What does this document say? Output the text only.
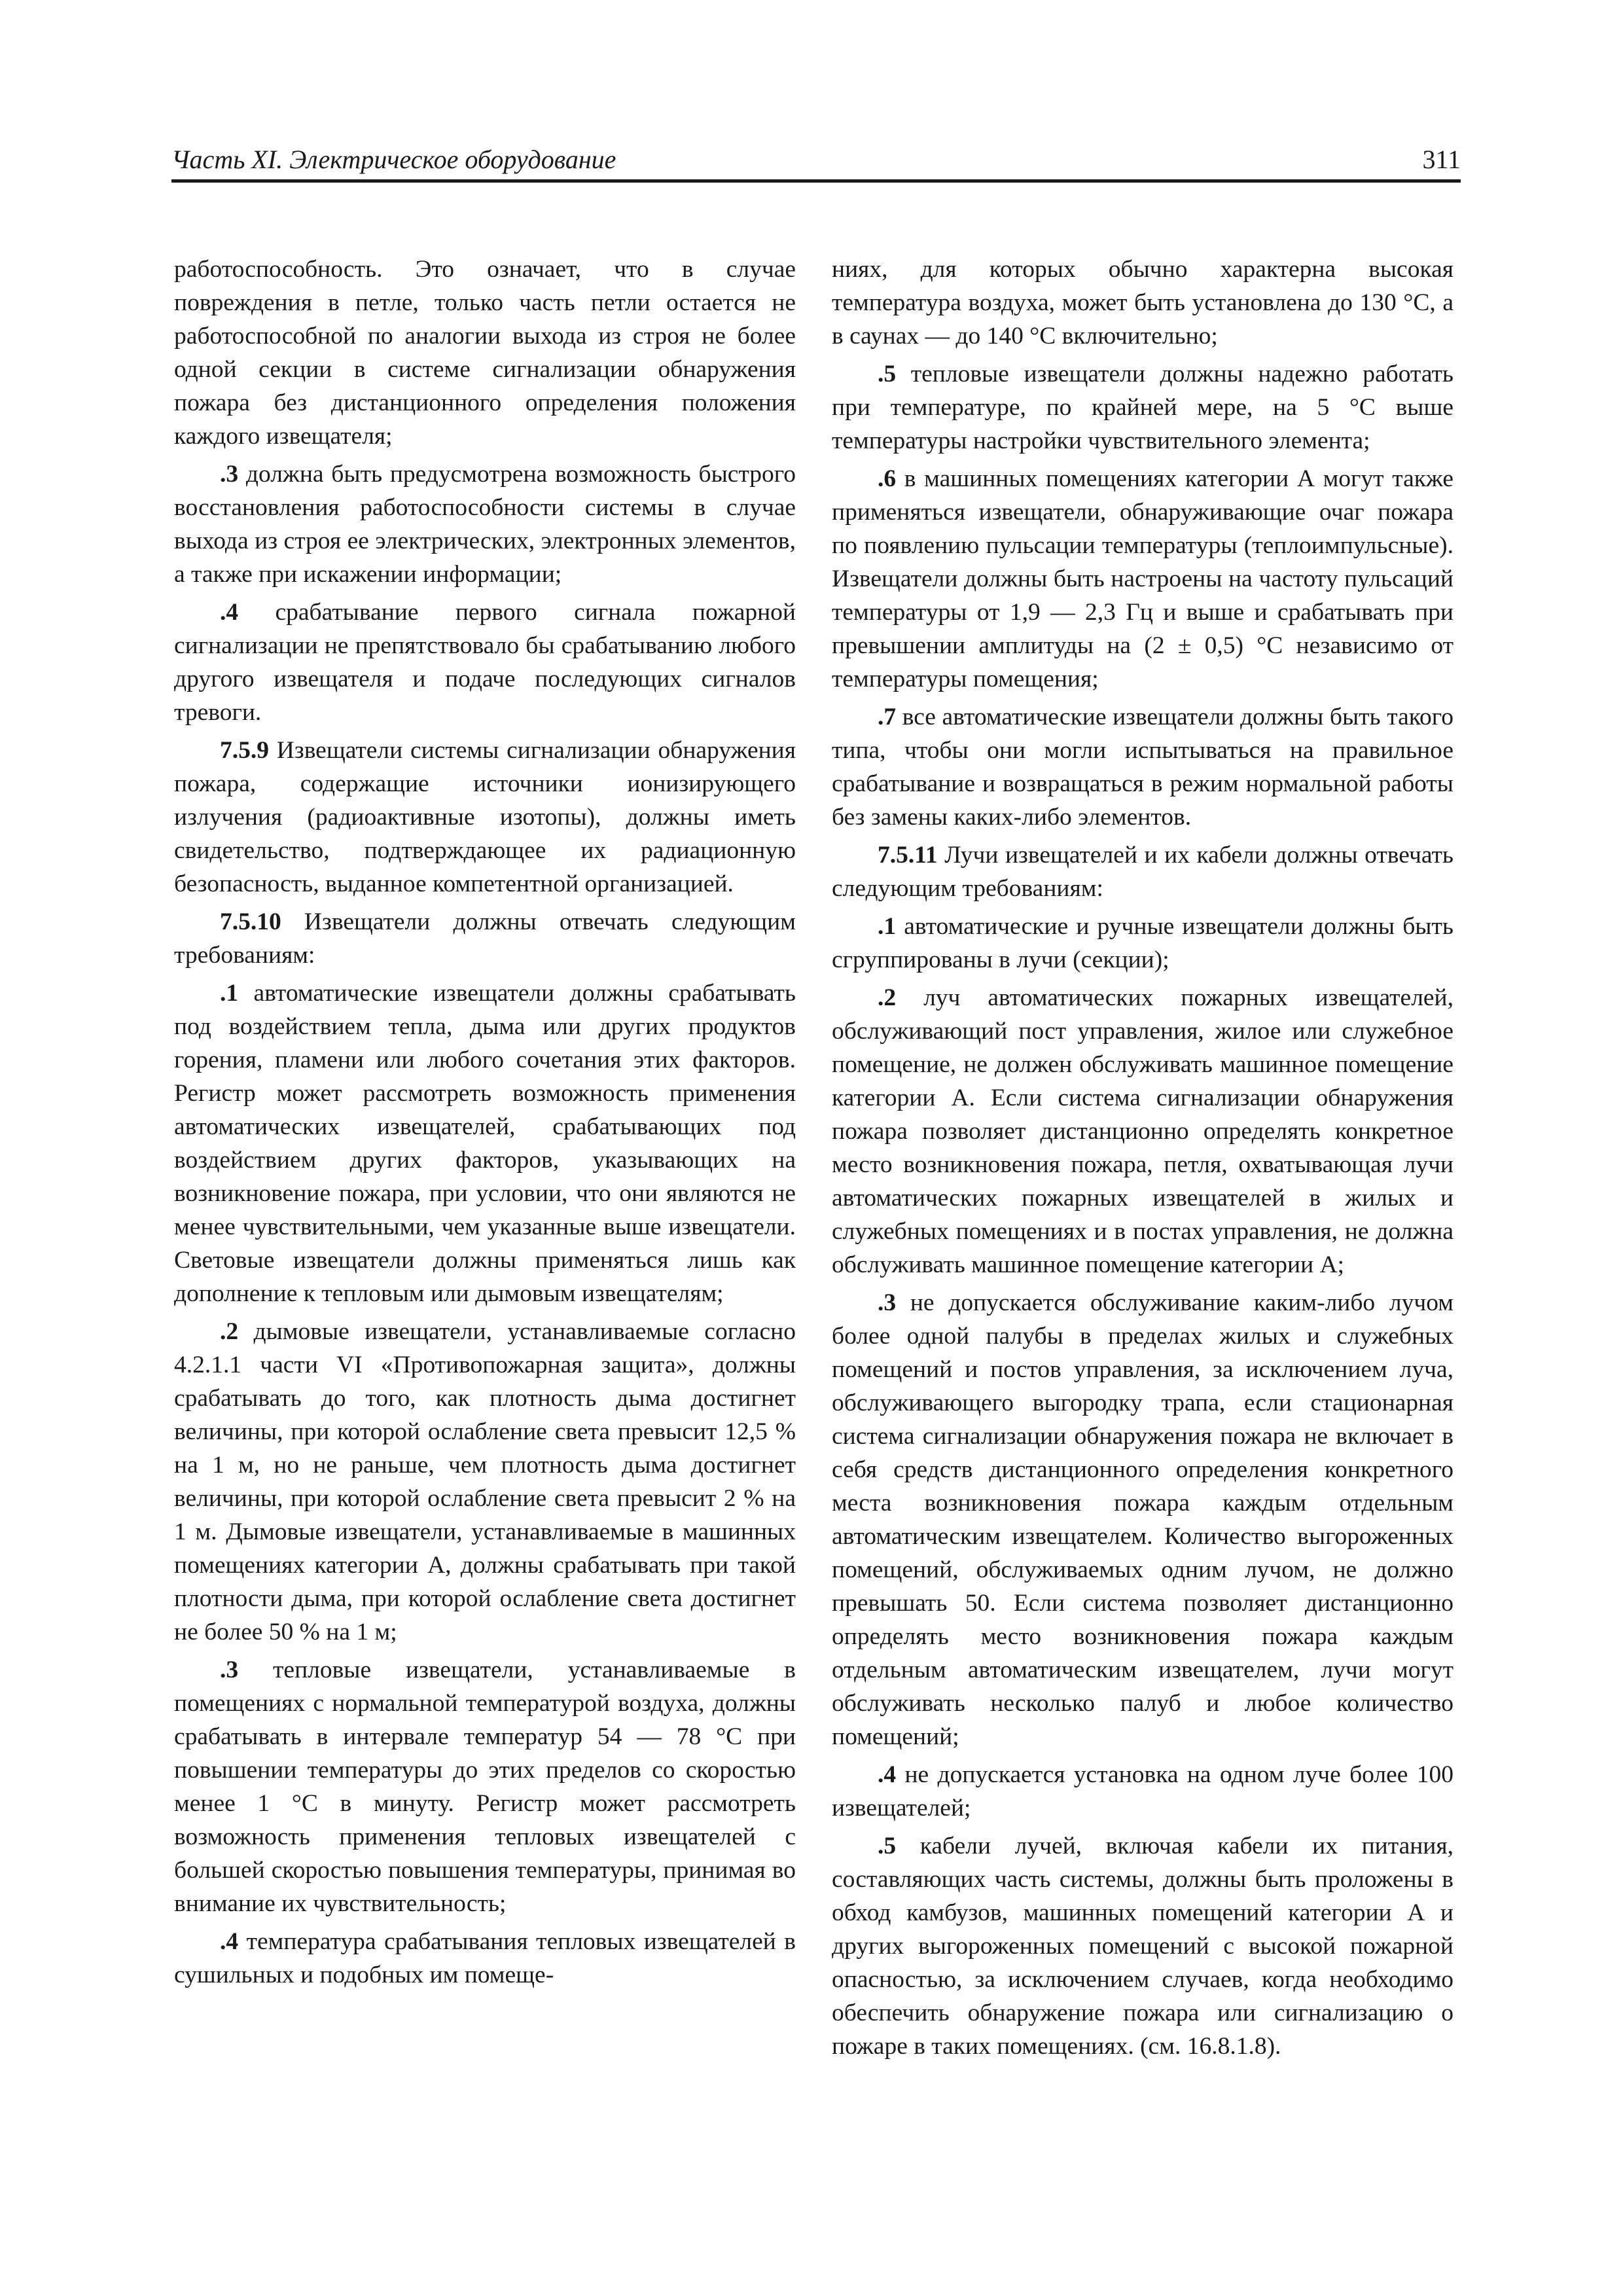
Часть XI. Электрическое оборудование	311

работоспособность. Это означает, что в случае повреждения в петле, только часть петли остается не работоспособной по аналогии выхода из строя не более одной секции в системе сигнализации обнаружения пожара без дистанционного определения положения каждого извещателя;

.3 должна быть предусмотрена возможность быстрого восстановления работоспособности системы в случае выхода из строя ее электрических, электронных элементов, а также при искажении информации;

.4 срабатывание первого сигнала пожарной сигнализации не препятствовало бы срабатыванию любого другого извещателя и подаче последующих сигналов тревоги.

7.5.9 Извещатели системы сигнализации обнаружения пожара, содержащие источники ионизирующего излучения (радиоактивные изотопы), должны иметь свидетельство, подтверждающее их радиационную безопасность, выданное компетентной организацией.

7.5.10 Извещатели должны отвечать следующим требованиям:

.1 автоматические извещатели должны срабатывать под воздействием тепла, дыма или других продуктов горения, пламени или любого сочетания этих факторов. Регистр может рассмотреть возможность применения автоматических извещателей, срабатывающих под воздействием других факторов, указывающих на возникновение пожара, при условии, что они являются не менее чувствительными, чем указанные выше извещатели. Световые извещатели должны применяться лишь как дополнение к тепловым или дымовым извещателям;

.2 дымовые извещатели, устанавливаемые согласно 4.2.1.1 части VI «Противопожарная защита», должны срабатывать до того, как плотность дыма достигнет величины, при которой ослабление света превысит 12,5 % на 1 м, но не раньше, чем плотность дыма достигнет величины, при которой ослабление света превысит 2 % на 1 м. Дымовые извещатели, устанавливаемые в машинных помещениях категории А, должны срабатывать при такой плотности дыма, при которой ослабление света достигнет не более 50 % на 1 м;

.3 тепловые извещатели, устанавливаемые в помещениях с нормальной температурой воздуха, должны срабатывать в интервале температур 54 — 78 °С при повышении температуры до этих пределов со скоростью менее 1 °С в минуту. Регистр может рассмотреть возможность применения тепловых извещателей с большей скоростью повышения температуры, принимая во внимание их чувствительность;

.4 температура срабатывания тепловых извещателей в сушильных и подобных им помеще-

ниях, для которых обычно характерна высокая температура воздуха, может быть установлена до 130 °С, а в саунах — до 140 °С включительно;

.5 тепловые извещатели должны надежно работать при температуре, по крайней мере, на 5 °С выше температуры настройки чувствительного элемента;

.6 в машинных помещениях категории А могут также применяться извещатели, обнаруживающие очаг пожара по появлению пульсации температуры (теплоимпульсные). Извещатели должны быть настроены на частоту пульсаций температуры от 1,9 — 2,3 Гц и выше и срабатывать при превышении амплитуды на (2 ± 0,5) °С независимо от температуры помещения;

.7 все автоматические извещатели должны быть такого типа, чтобы они могли испытываться на правильное срабатывание и возвращаться в режим нормальной работы без замены каких-либо элементов.

7.5.11 Лучи извещателей и их кабели должны отвечать следующим требованиям:

.1 автоматические и ручные извещатели должны быть сгруппированы в лучи (секции);

.2 луч автоматических пожарных извещателей, обслуживающий пост управления, жилое или служебное помещение, не должен обслуживать машинное помещение категории А. Если система сигнализации обнаружения пожара позволяет дистанционно определять конкретное место возникновения пожара, петля, охватывающая лучи автоматических пожарных извещателей в жилых и служебных помещениях и в постах управления, не должна обслуживать машинное помещение категории А;

.3 не допускается обслуживание каким-либо лучом более одной палубы в пределах жилых и служебных помещений и постов управления, за исключением луча, обслуживающего выгородку трапа, если стационарная система сигнализации обнаружения пожара не включает в себя средств дистанционного определения конкретного места возникновения пожара каждым отдельным автоматическим извещателем. Количество выгороженных помещений, обслуживаемых одним лучом, не должно превышать 50. Если система позволяет дистанционно определять место возникновения пожара каждым отдельным автоматическим извещателем, лучи могут обслуживать несколько палуб и любое количество помещений;

.4 не допускается установка на одном луче более 100 извещателей;

.5 кабели лучей, включая кабели их питания, составляющих часть системы, должны быть проложены в обход камбузов, машинных помещений категории А и других выгороженных помещений с высокой пожарной опасностью, за исключением случаев, когда необходимо обеспечить обнаружение пожара или сигнализацию о пожаре в таких помещениях. (см. 16.8.1.8).
